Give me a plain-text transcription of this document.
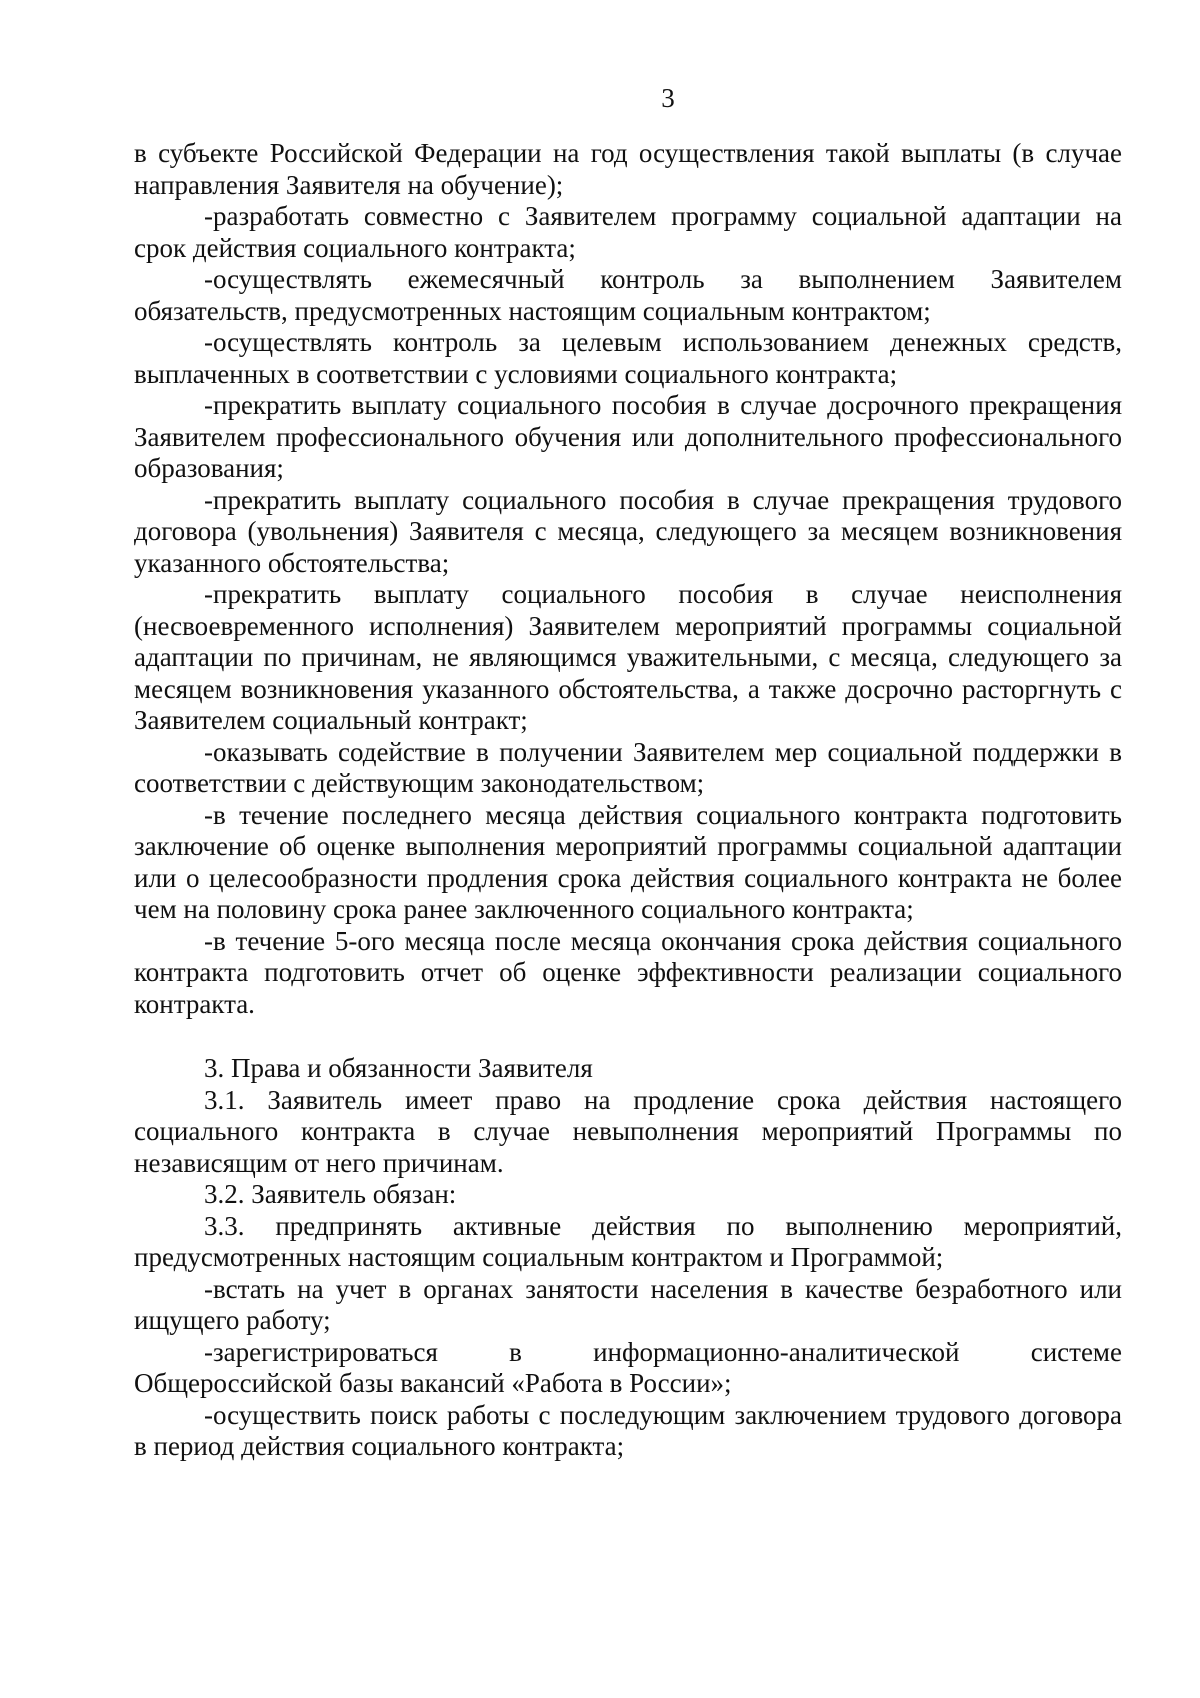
3

в субъекте Российской Федерации на год осуществления такой выплаты (в случае направления Заявителя на обучение);

-разработать совместно с Заявителем программу социальной адаптации на срок действия социального контракта;

-осуществлять ежемесячный контроль за выполнением Заявителем обязательств, предусмотренных настоящим социальным контрактом;

-осуществлять контроль за целевым использованием денежных средств, выплаченных в соответствии с условиями социального контракта;

-прекратить выплату социального пособия в случае досрочного прекращения Заявителем профессионального обучения или дополнительного профессионального образования;

-прекратить выплату социального пособия в случае прекращения трудового договора (увольнения) Заявителя с месяца, следующего за месяцем возникновения указанного обстоятельства;

-прекратить выплату социального пособия в случае неисполнения (несвоевременного исполнения) Заявителем мероприятий программы социальной адаптации по причинам, не являющимся уважительными, с месяца, следующего за месяцем возникновения указанного обстоятельства, а также досрочно расторгнуть с Заявителем социальный контракт;

-оказывать содействие в получении Заявителем мер социальной поддержки в соответствии с действующим законодательством;

-в течение последнего месяца действия социального контракта подготовить заключение об оценке выполнения мероприятий программы социальной адаптации или о целесообразности продления срока действия социального контракта не более чем на половину срока ранее заключенного социального контракта;

-в течение 5-ого месяца после месяца окончания срока действия социального контракта подготовить отчет об оценке эффективности реализации социального контракта.

3. Права и обязанности Заявителя

3.1. Заявитель имеет право на продление срока действия настоящего социального контракта в случае невыполнения мероприятий Программы по независящим от него причинам.

3.2. Заявитель обязан:

3.3. предпринять активные действия по выполнению мероприятий, предусмотренных настоящим социальным контрактом и Программой;

-встать на учет в органах занятости населения в качестве безработного или ищущего работу;

-зарегистрироваться в информационно-аналитической системе Общероссийской базы вакансий «Работа в России»;

-осуществить поиск работы с последующим заключением трудового договора в период действия социального контракта;
